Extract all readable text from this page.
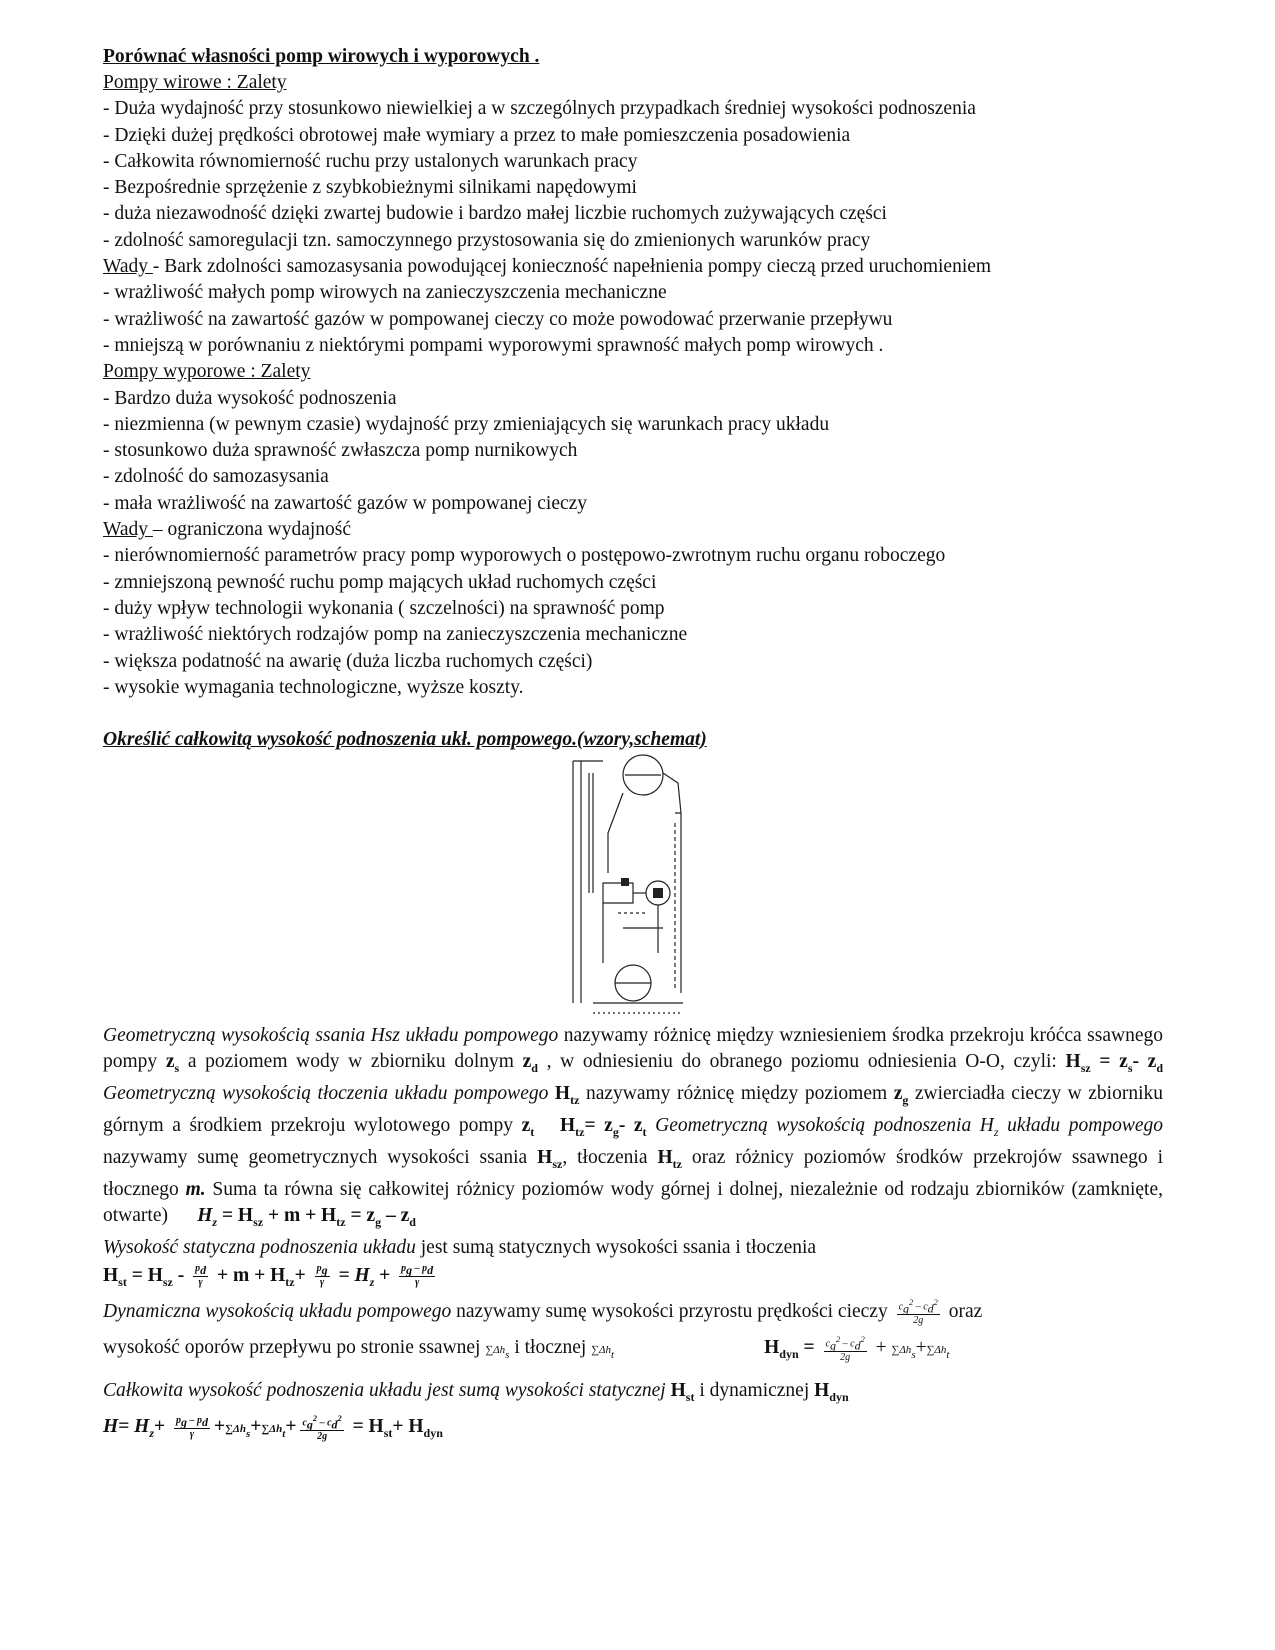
Porównać własności pomp wirowych i wyporowych .
Pompy wirowe : Zalety
- Duża wydajność przy stosunkowo niewielkiej a w szczególnych przypadkach średniej wysokości podnoszenia
- Dzięki dużej prędkości obrotowej małe wymiary a przez to małe pomieszczenia posadowienia
- Całkowita równomierność ruchu przy ustalonych warunkach pracy
- Bezpośrednie sprzężenie z szybkobieżnymi silnikami napędowymi
- duża niezawodność dzięki zwartej budowie i bardzo małej liczbie ruchomych zużywających części
- zdolność samoregulacji tzn. samoczynnego przystosowania się do zmienionych warunków pracy
Wady - Bark zdolności samozasysania powodującej konieczność napełnienia pompy cieczą przed uruchomieniem
- wrażliwość małych pomp wirowych na zanieczyszczenia mechaniczne
- wrażliwość na zawartość gazów w pompowanej cieczy co może powodować przerwanie przepływu
- mniejszą w porównaniu z niektórymi pompami wyporowymi sprawność małych pomp wirowych .
Pompy wyporowe : Zalety
- Bardzo duża wysokość podnoszenia
- niezmienna (w pewnym czasie) wydajność przy zmieniających się warunkach pracy układu
- stosunkowo duża sprawność zwłaszcza pomp nurnikowych
- zdolność do samozasysania
- mała wrażliwość na zawartość gazów w pompowanej cieczy
Wady – ograniczona wydajność
- nierównomierność parametrów pracy pomp wyporowych o postępowo-zwrotnym ruchu organu roboczego
- zmniejszoną pewność ruchu pomp mających układ ruchomych części
- duży wpływ technologii wykonania ( szczelności) na sprawność pomp
- wrażliwość niektórych rodzajów pomp na zanieczyszczenia mechaniczne
- większa podatność na awarię (duża liczba ruchomych części)
- wysokie wymagania technologiczne, wyższe koszty.
Określić całkowitą wysokość podnoszenia ukł. pompowego.(wzory,schemat)
Geometryczną wysokością ssania Hsz układu pompowego nazywamy różnicę między wzniesieniem środka przekroju króćca ssawnego pompy $z_s$ a poziomem wody w zbiorniku dolnym $z_d$ , w odniesieniu do obranego poziomu odniesienia O-O, czyli: $H_{sz} = z_s-$ $z_d$ Geometryczną wysokością tłoczenia układu pompowego $H_{tz}$ nazywamy różnicę między poziomem $z_g$ zwierciadła cieczy w zbiorniku górnym a środkiem przekroju wylotowego pompy $z_t$ $H_{tz}= z_g-$ $z_t$ Geometryczną wysokością podnoszenia $H_z$ układu pompowego nazywamy sumę geometrycznych wysokości ssania $H_{sz}$, tłoczenia $H_{tz}$ oraz różnicy poziomów środków przekrojów ssawnego i tłocznego m. Suma ta równa się całkowitej różnicy poziomów wody górnej i dolnej, niezależnie od rodzaju zbiorników (zamknięte, otwarte) $H_z = H_{sz} + m + H_{tz} = z_g - z_d$
Wysokość statyczna podnoszenia układu jest sumą statycznych wysokości ssania i tłoczenia
$H_{st} = H_{sz} - \frac{p_d}{\gamma} + m + H_{tz}+ \frac{p_g}{\gamma} = H_z + \frac{p_g - p_d}{\gamma}$
Dynamiczna wysokością układu pompowego nazywamy sumę wysokości przyrostu prędkości cieczy $\frac{c_g^2 - c_d^2}{2g}$ oraz
wysokość oporów przepływu po stronie ssawnej $\sum\Delta h_s$ i tłocznej $\sum\Delta h_t$	$H_{dyn} = \frac{c_g^2 - c_d^2}{2g} + \sum\Delta h_s+\sum\Delta h_t$
Całkowita wysokość podnoszenia układu jest sumą wysokości statycznej $H_{st}$ i dynamicznej $H_{dyn}$
$H= H_z+ \frac{p_g - p_d}{\gamma} +\sum\Delta h_s+\sum\Delta h_t+ \frac{c_g^2 - c_d^2}{2g} = H_{st}+ H_{dyn}$
